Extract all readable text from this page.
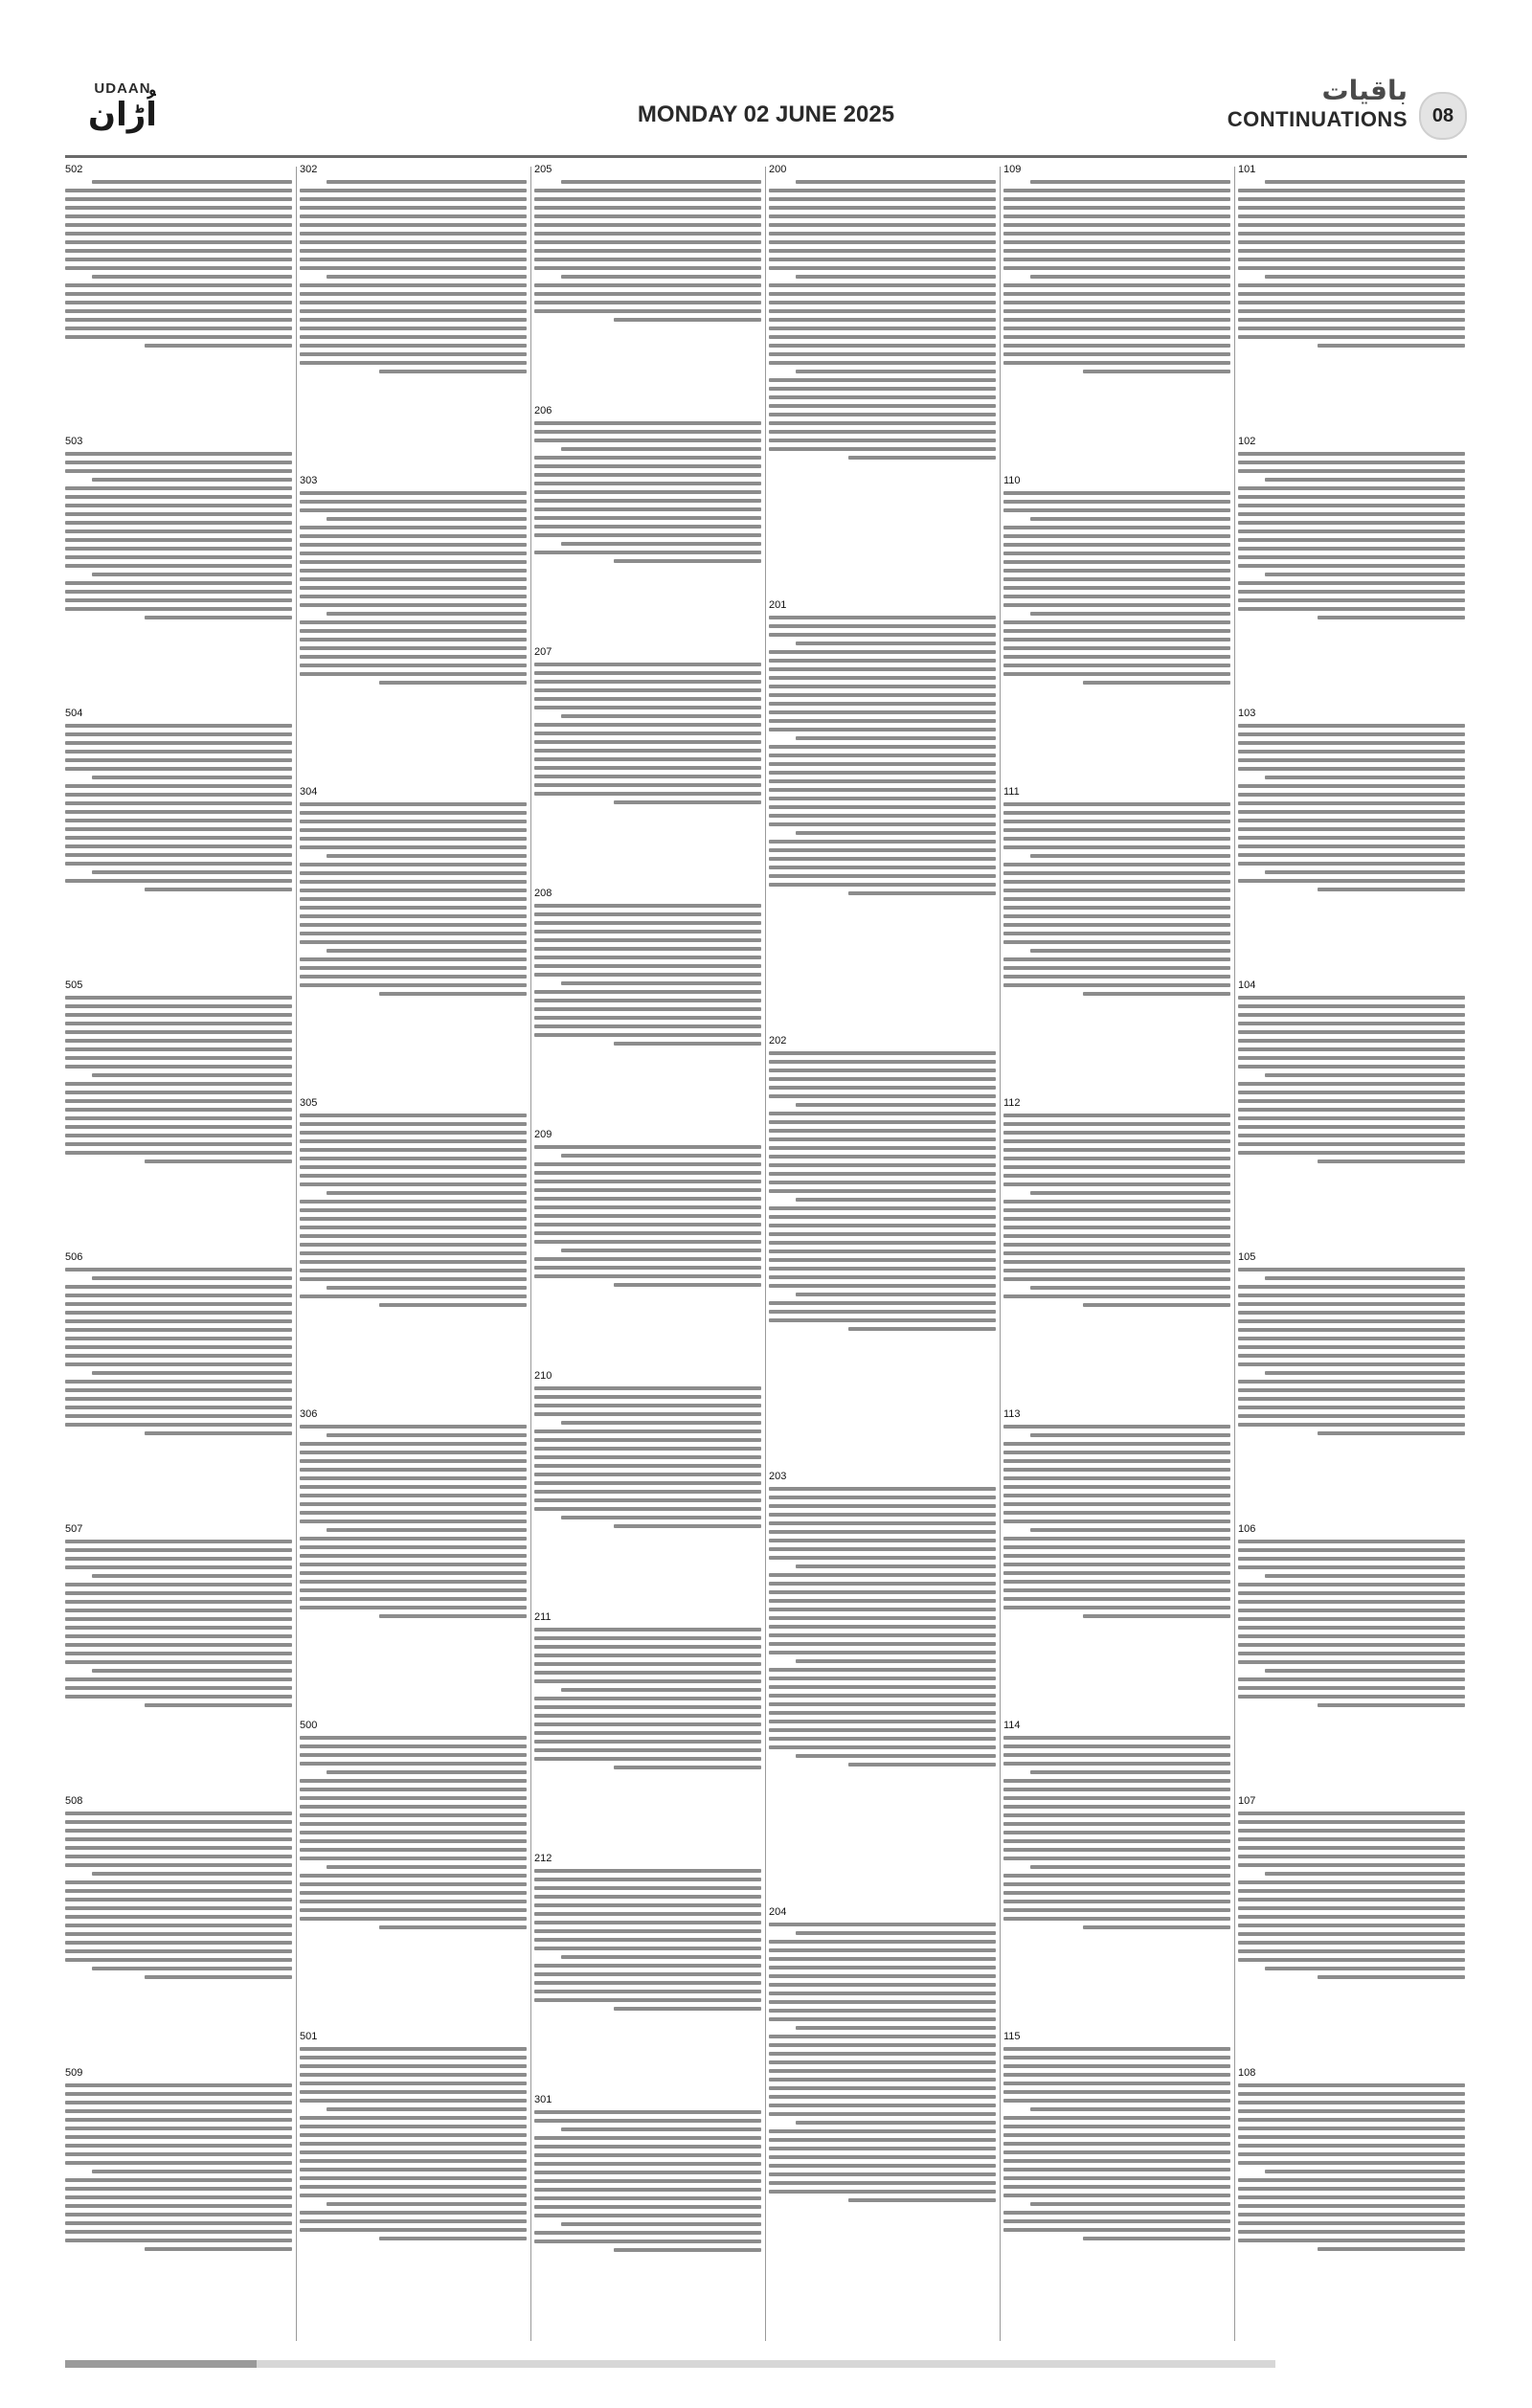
UDAAN
اُڑان	MONDAY 02 JUNE 2025
باقیات
CONTINUATIONS	08
502
503
504
505
506
507
508
509
302
303
304
305
306
500
501
205
206
207
208
209
210
211
212
301
200
201
202
203
204
109
110
111
112
113
114
115
101
102
103
104
105
106
107
108
